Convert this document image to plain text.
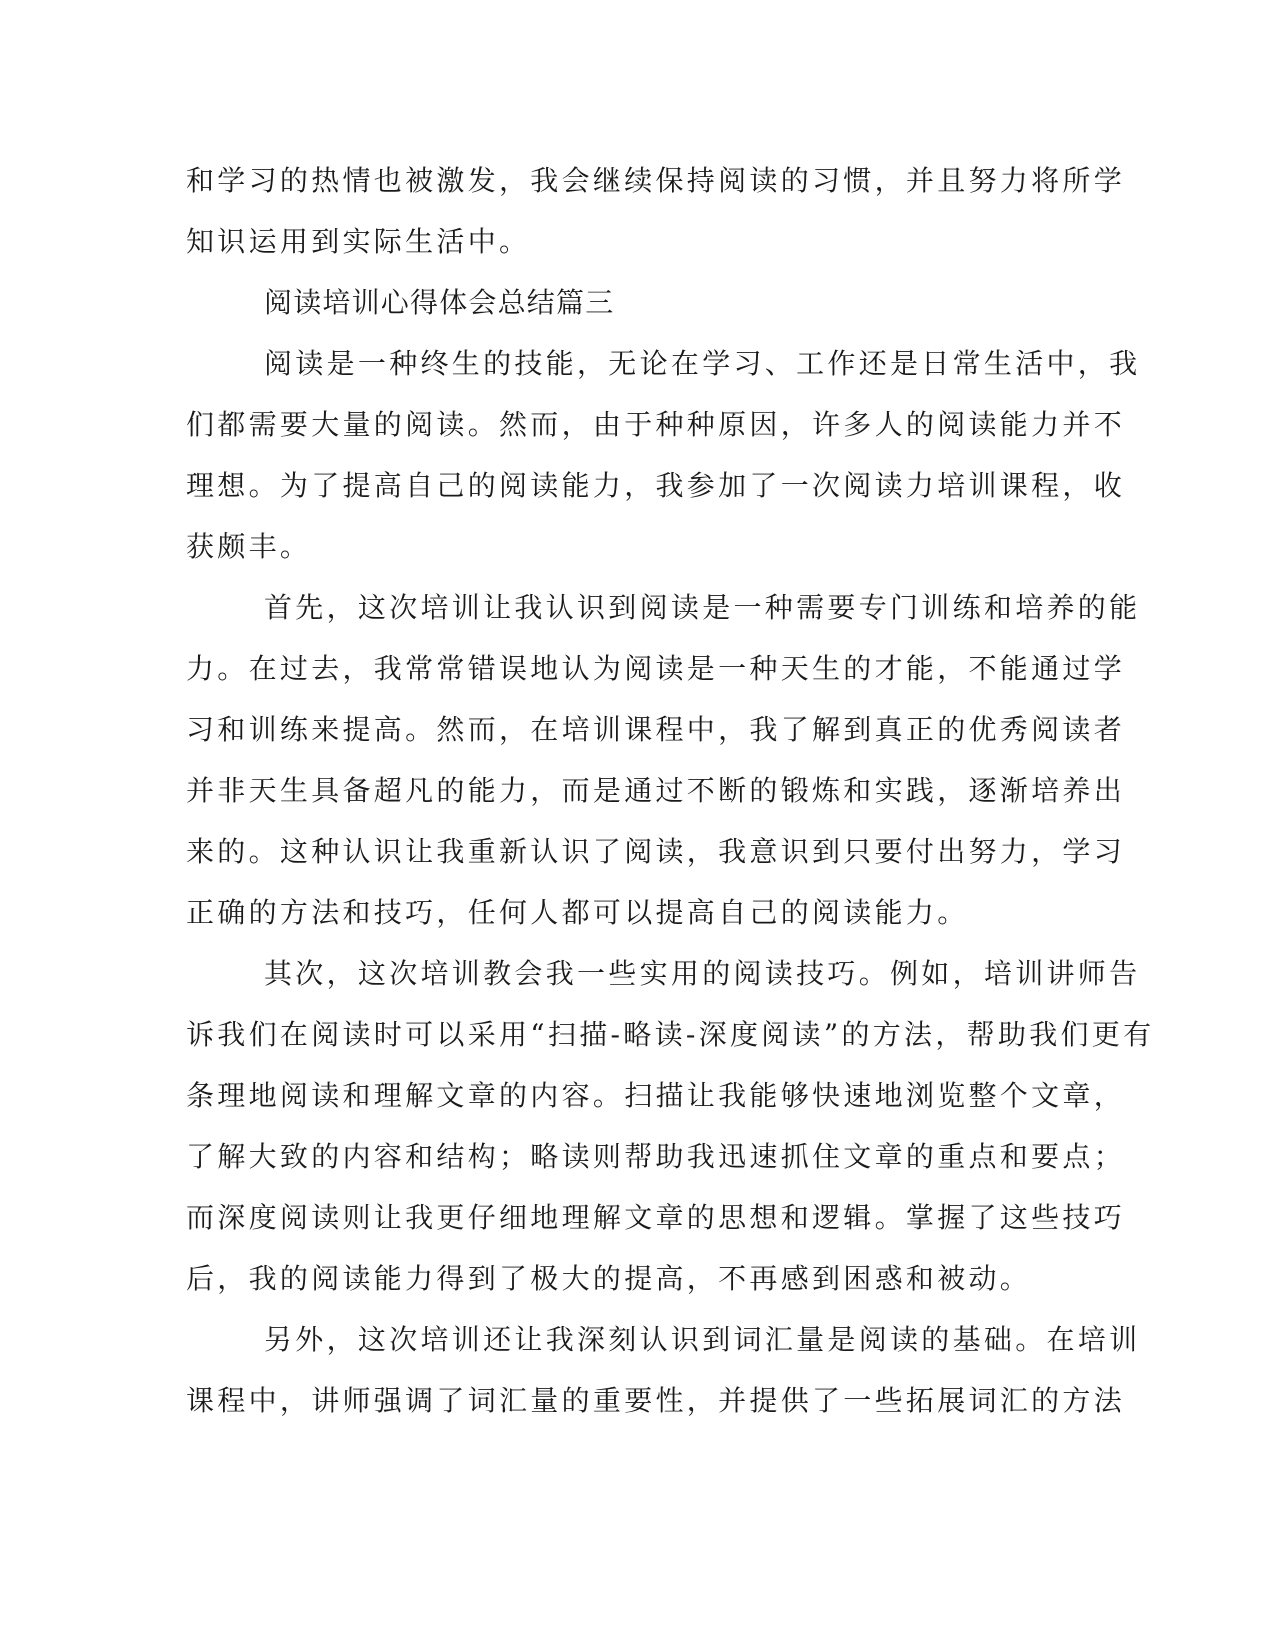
和学习的热情也被激发，我会继续保持阅读的习惯，并且努力将所学

知识运用到实际生活中。

阅读培训心得体会总结篇三

阅读是一种终生的技能，无论在学习、工作还是日常生活中，我

们都需要大量的阅读。然而，由于种种原因，许多人的阅读能力并不

理想。为了提高自己的阅读能力，我参加了一次阅读力培训课程，收

获颇丰。

首先，这次培训让我认识到阅读是一种需要专门训练和培养的能

力。在过去，我常常错误地认为阅读是一种天生的才能，不能通过学

习和训练来提高。然而，在培训课程中，我了解到真正的优秀阅读者

并非天生具备超凡的能力，而是通过不断的锻炼和实践，逐渐培养出

来的。这种认识让我重新认识了阅读，我意识到只要付出努力，学习

正确的方法和技巧，任何人都可以提高自己的阅读能力。

其次，这次培训教会我一些实用的阅读技巧。例如，培训讲师告

诉我们在阅读时可以采用“扫描-略读-深度阅读”的方法，帮助我们更有

条理地阅读和理解文章的内容。扫描让我能够快速地浏览整个文章，

了解大致的内容和结构；略读则帮助我迅速抓住文章的重点和要点；

而深度阅读则让我更仔细地理解文章的思想和逻辑。掌握了这些技巧

后，我的阅读能力得到了极大的提高，不再感到困惑和被动。

另外，这次培训还让我深刻认识到词汇量是阅读的基础。在培训

课程中，讲师强调了词汇量的重要性，并提供了一些拓展词汇的方法
